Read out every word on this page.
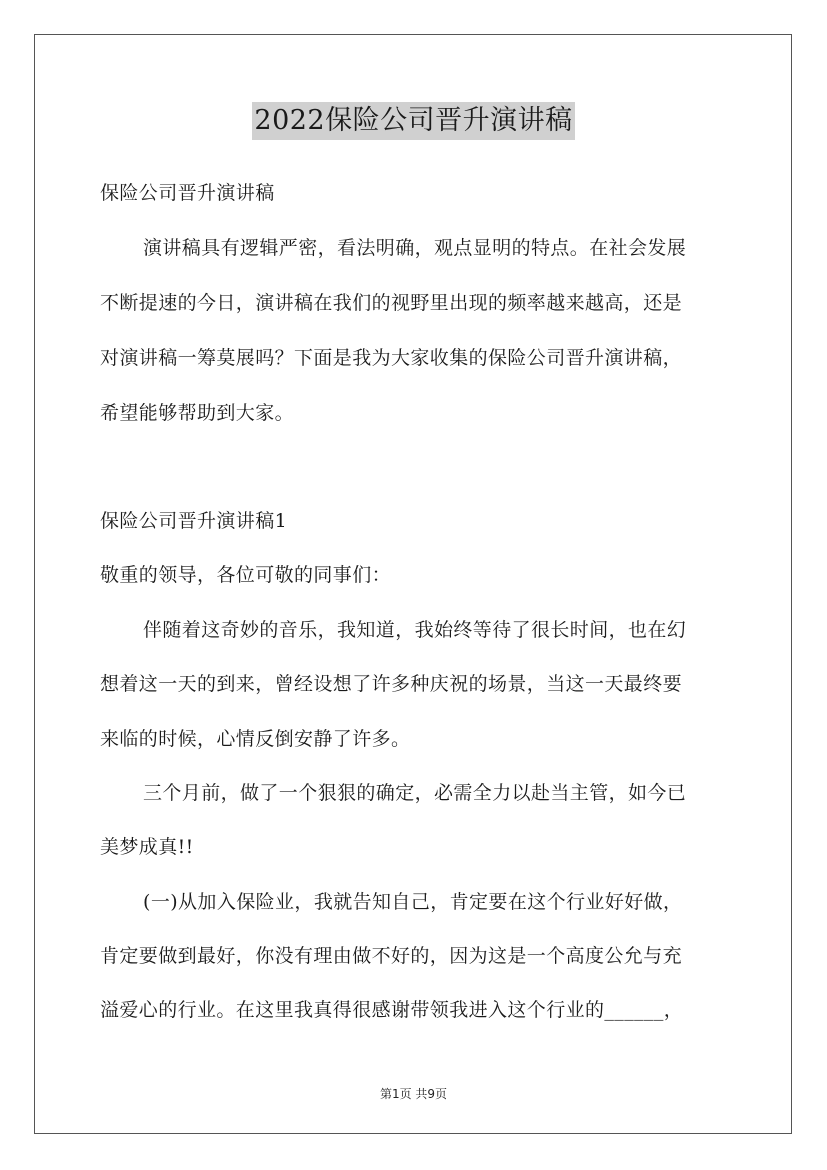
2022保险公司晋升演讲稿
保险公司晋升演讲稿
演讲稿具有逻辑严密，看法明确，观点显明的特点。在社会发展
不断提速的今日，演讲稿在我们的视野里出现的频率越来越高，还是
对演讲稿一筹莫展吗？下面是我为大家收集的保险公司晋升演讲稿，
希望能够帮助到大家。
保险公司晋升演讲稿1
敬重的领导，各位可敬的同事们：
伴随着这奇妙的音乐，我知道，我始终等待了很长时间，也在幻
想着这一天的到来，曾经设想了许多种庆祝的场景，当这一天最终要
来临的时候，心情反倒安静了许多。
三个月前，做了一个狠狠的确定，必需全力以赴当主管，如今已
美梦成真!!
(一)从加入保险业，我就告知自己，肯定要在这个行业好好做，
肯定要做到最好，你没有理由做不好的，因为这是一个高度公允与充
溢爱心的行业。在这里我真得很感谢带领我进入这个行业的______，
第1页 共9页
